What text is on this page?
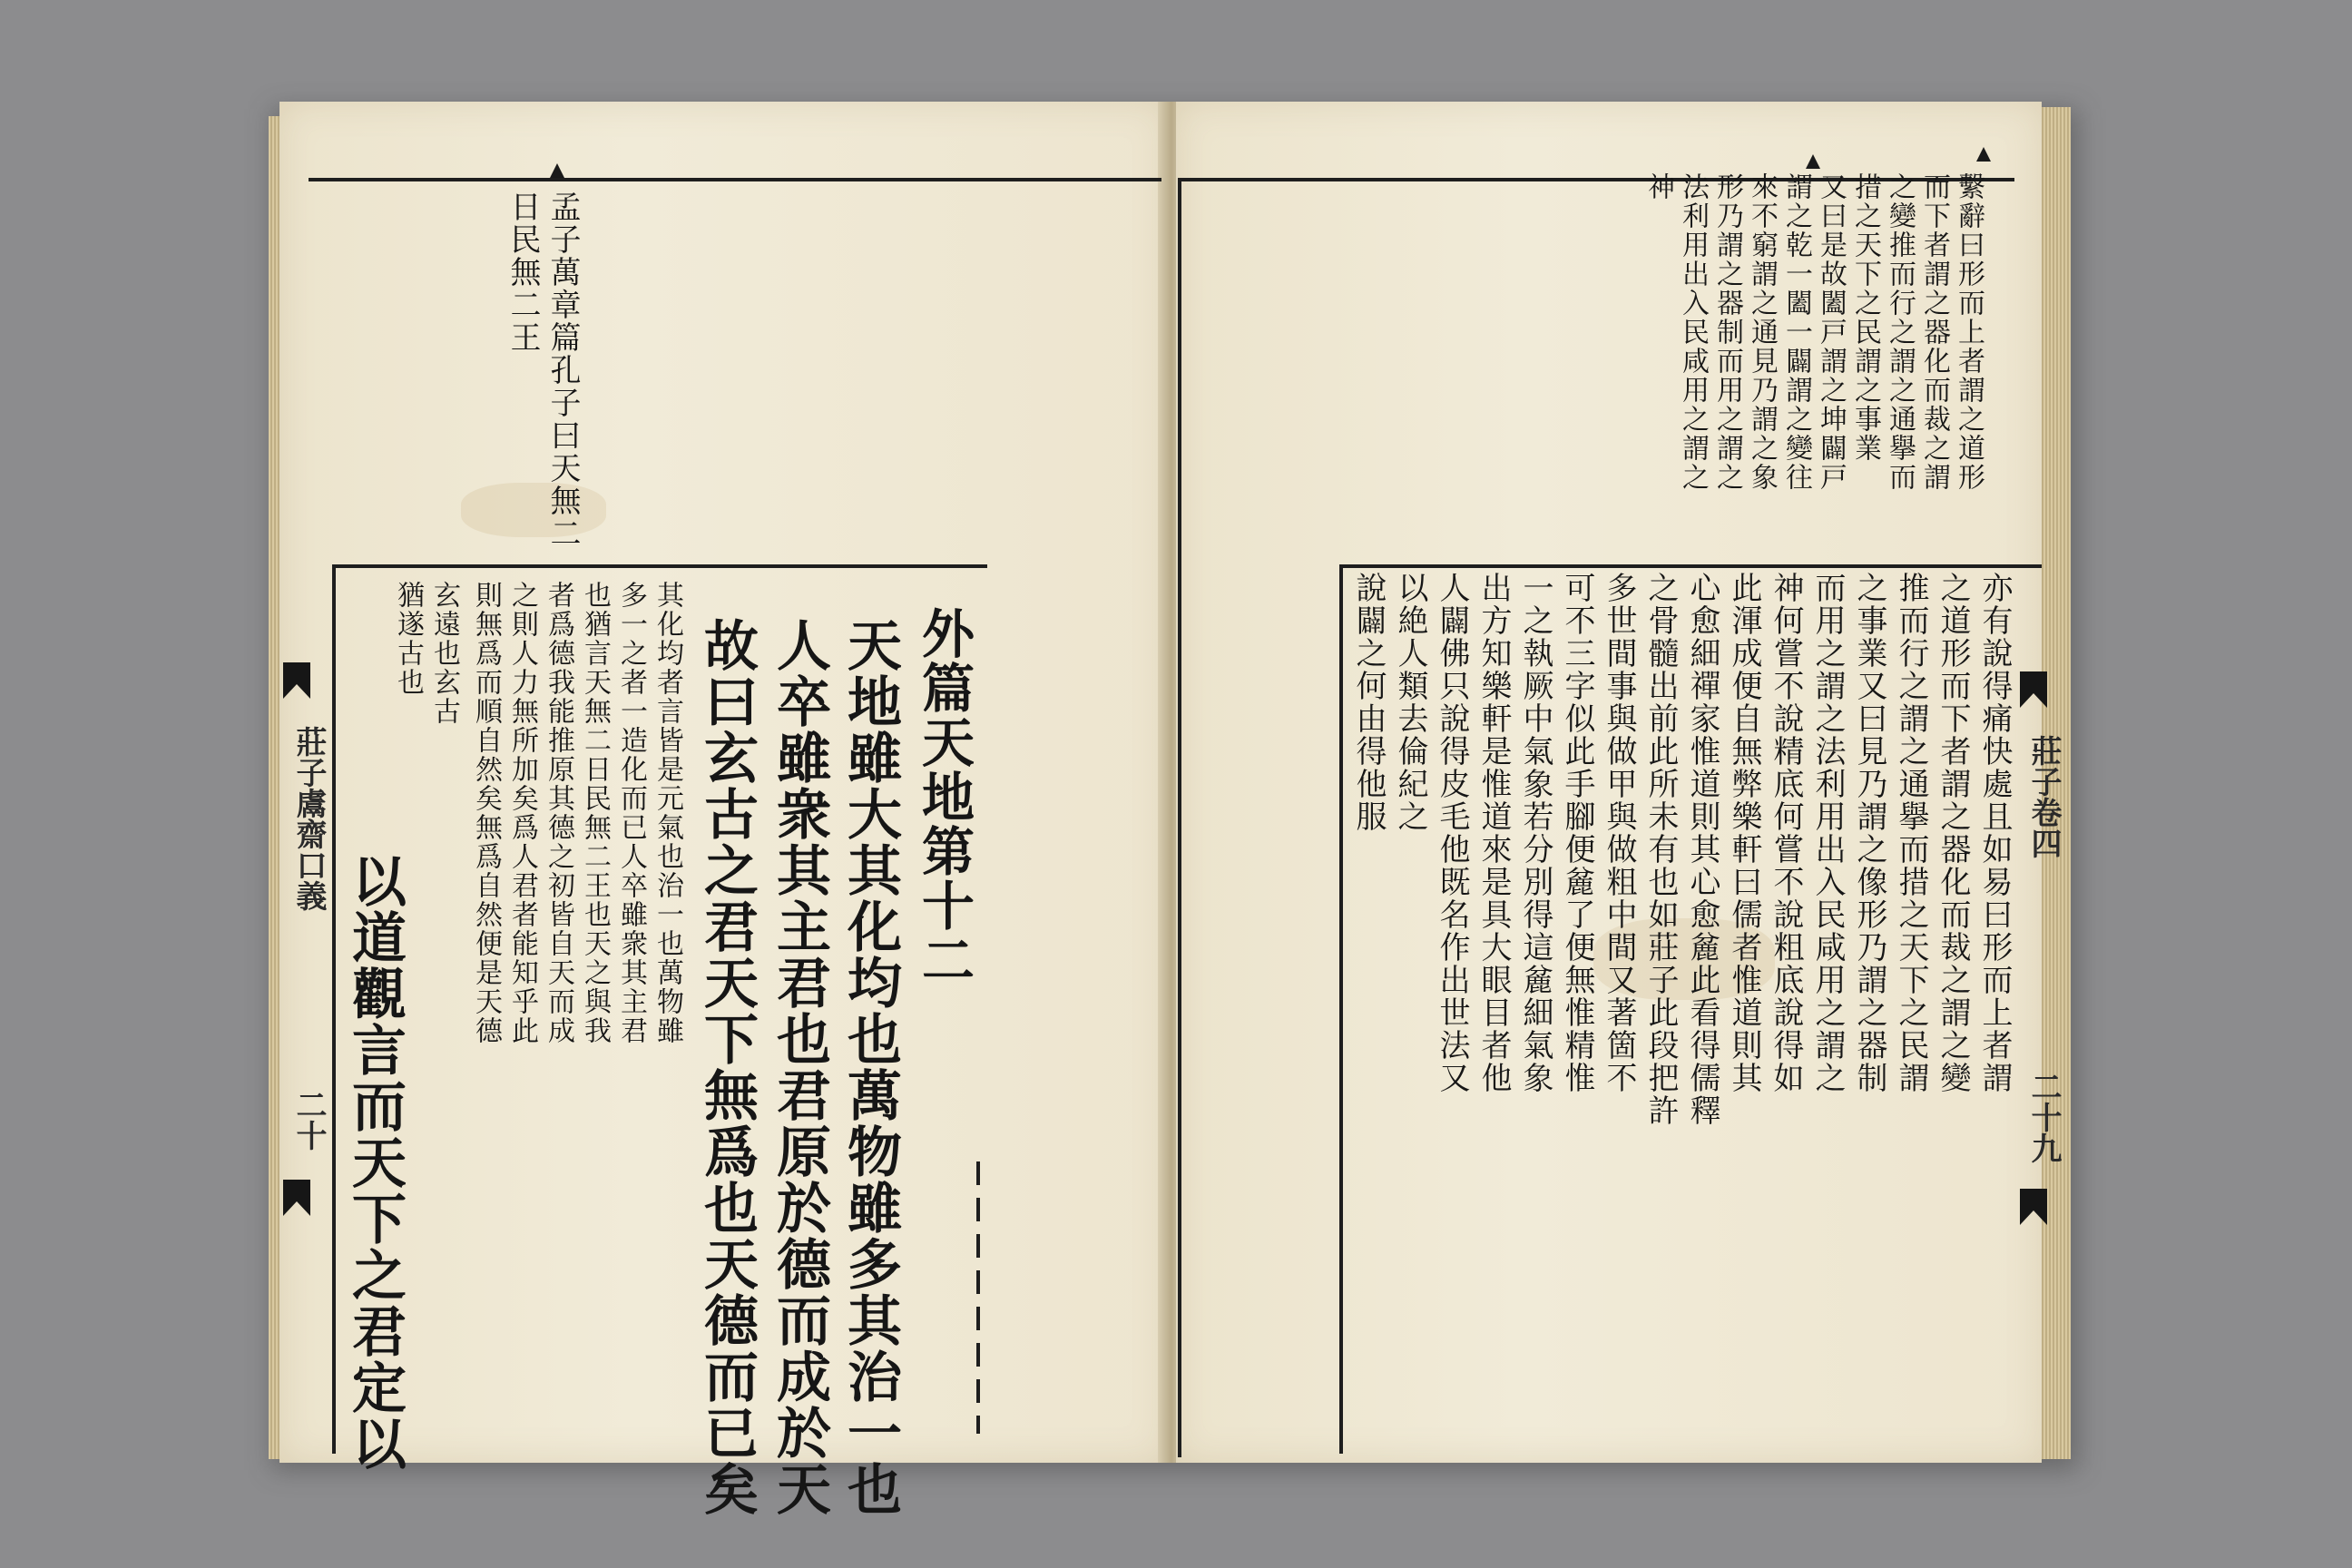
孟子萬章篇孔子曰天無二
日民無二王
外篇天地第十二
天地雖大其化均也萬物雖多其治一也
人卒雖衆其主君也君原於德而成於天
故曰玄古之君天下無爲也天德而已矣
其化均者言皆是元氣也治一也萬物雖
多一之者一造化而已人卒雖衆其主君
也猶言天無二日民無二王也天之與我
者爲德我能推原其德之初皆自天而成
之則人力無所加矣爲人君者能知乎此
則無爲而順自然矣無爲自然便是天德
玄遠也玄古
猶遂古也
以道觀言而天下之君定以
莊子鬳齋口義
二十
繫辭曰形而上者謂之道形
而下者謂之器化而裁之謂
之變推而行之謂之通擧而
措之天下之民謂之事業
又曰是故闔戸謂之坤闢戸
謂之乾一闔一闢謂之變往
來不窮謂之通見乃謂之象
形乃謂之器制而用之謂之
法利用出入民咸用之謂之
神
亦有說得痛快處且如易曰形而上者謂
之道形而下者謂之器化而裁之謂之變
推而行之謂之通擧而措之天下之民謂
之事業又曰見乃謂之像形乃謂之器制
而用之謂之法利用出入民咸用之謂之
神何嘗不說精底何嘗不說粗底說得如
此渾成便自無弊樂軒曰儒者惟道則其
心愈細禪家惟道則其心愈麄此看得儒釋
之骨髓出前此所未有也如莊子此段把許
多世間事與做甲與做粗中間又著箇不
可不三字似此手腳便麄了便無惟精惟
一之執厥中氣象若分別得這麄細氣象
出方知樂軒是惟道來是具大眼目者他
人闢佛只說得皮毛他既名作出世法又
以絶人類去倫紀之
說闢之何由得他服	莊子卷四
二十九
